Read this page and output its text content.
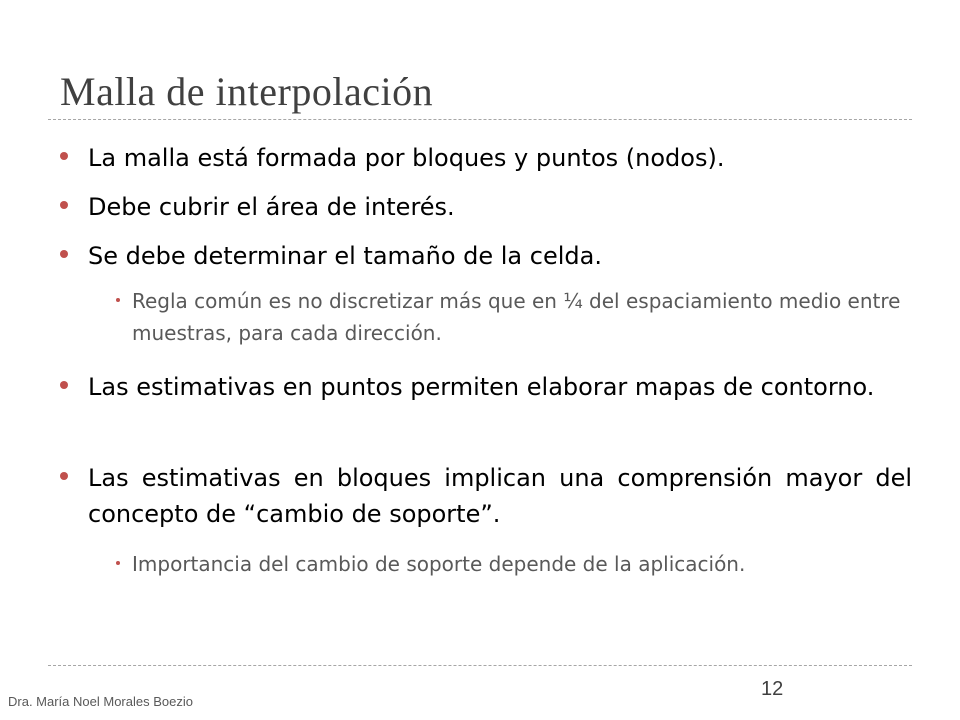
Malla de interpolación
La malla está formada por bloques y puntos (nodos).
Debe cubrir el área de interés.
Se debe determinar el tamaño de la celda.
Regla común es no discretizar más que en ¼ del espaciamiento medio entre muestras, para cada dirección.
Las estimativas en puntos permiten elaborar mapas de contorno.
Las estimativas en bloques implican una comprensión mayor del concepto de “cambio de soporte”.
Importancia del cambio de soporte depende de la aplicación.
Dra. María Noel Morales Boezio
12
